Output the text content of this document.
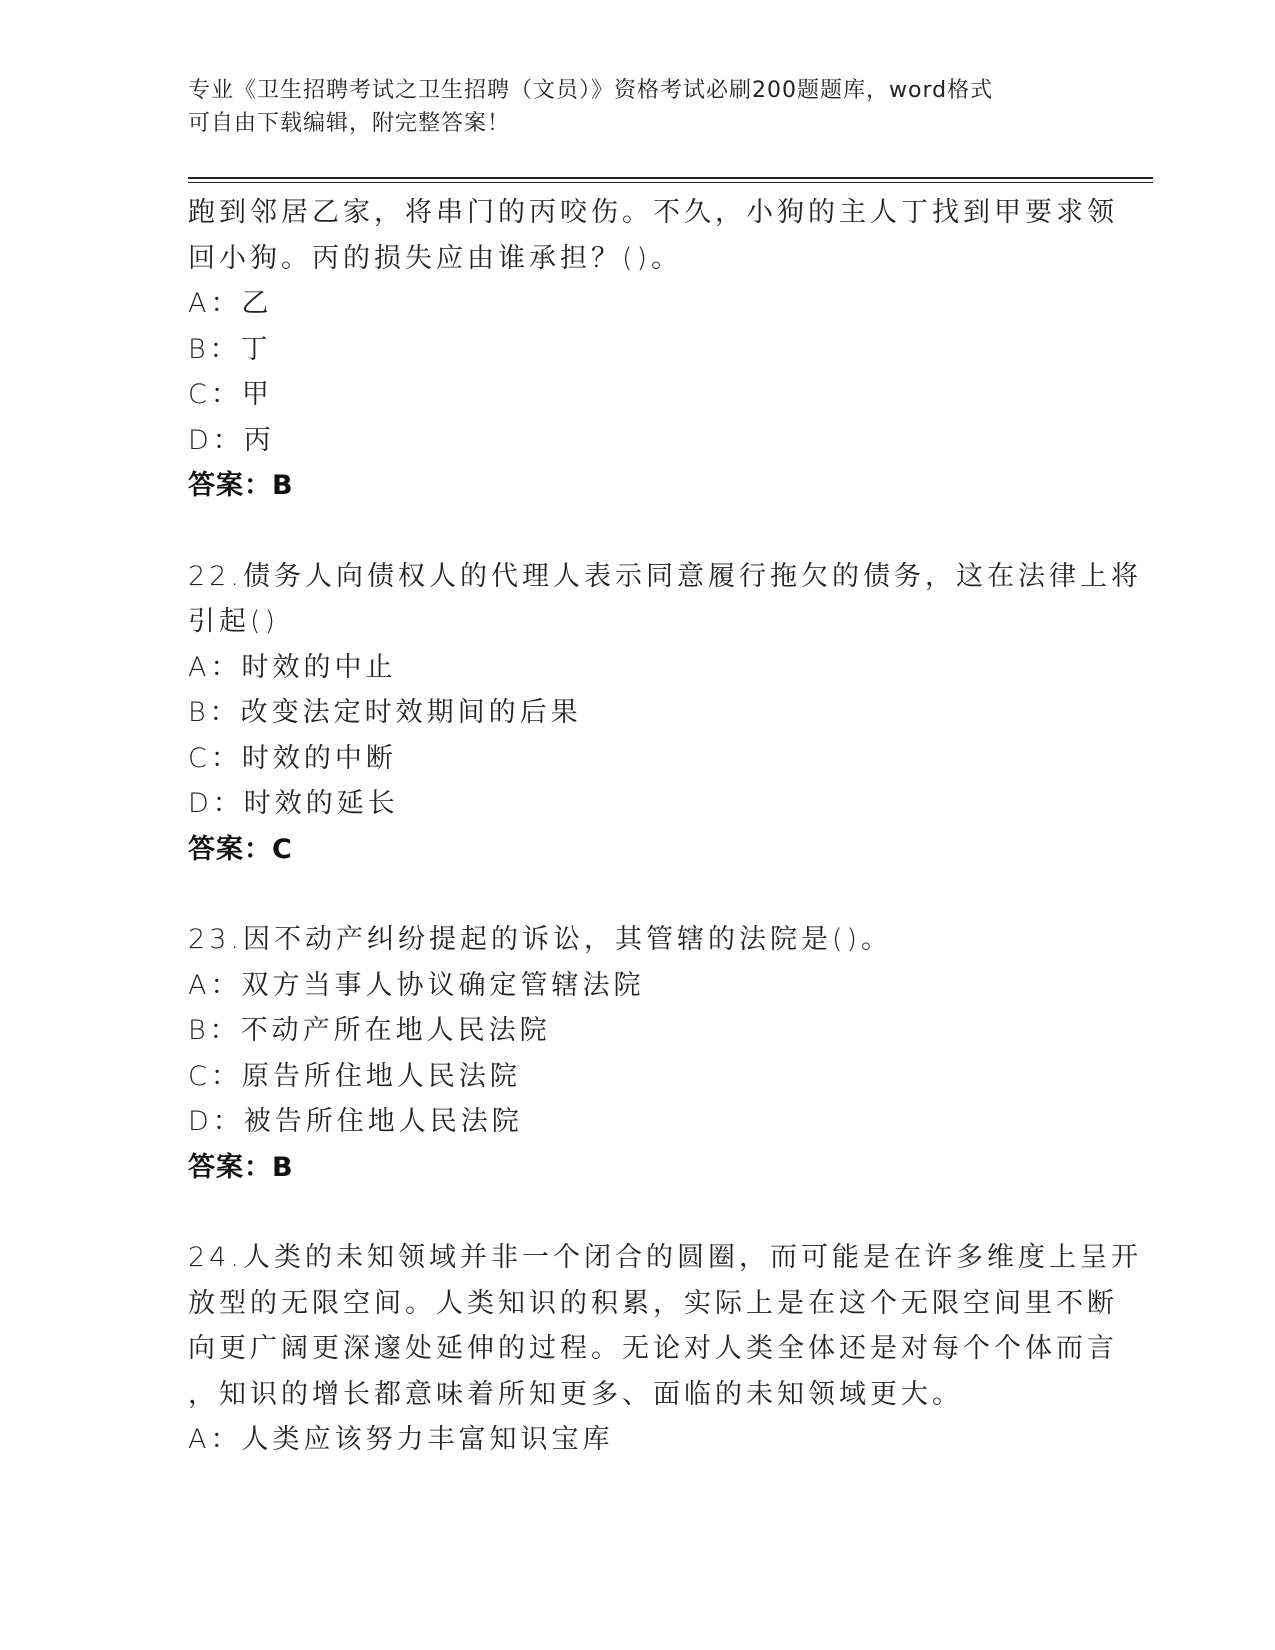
专业《卫生招聘考试之卫生招聘（文员）》资格考试必刷200题题库，word格式
可自由下载编辑，附完整答案！
跑到邻居乙家，将串门的丙咬伤。不久，小狗的主人丁找到甲要求领
回小狗。丙的损失应由谁承担？()。
A：乙
B：丁
C：甲
D：丙
答案：B
22.债务人向债权人的代理人表示同意履行拖欠的债务，这在法律上将
引起()
A：时效的中止
B：改变法定时效期间的后果
C：时效的中断
D：时效的延长
答案：C
23.因不动产纠纷提起的诉讼，其管辖的法院是()。
A：双方当事人协议确定管辖法院
B：不动产所在地人民法院
C：原告所住地人民法院
D：被告所住地人民法院
答案：B
24.人类的未知领域并非一个闭合的圆圈，而可能是在许多维度上呈开
放型的无限空间。人类知识的积累，实际上是在这个无限空间里不断
向更广阔更深邃处延伸的过程。无论对人类全体还是对每个个体而言
，知识的增长都意味着所知更多、面临的未知领域更大。
A：人类应该努力丰富知识宝库
